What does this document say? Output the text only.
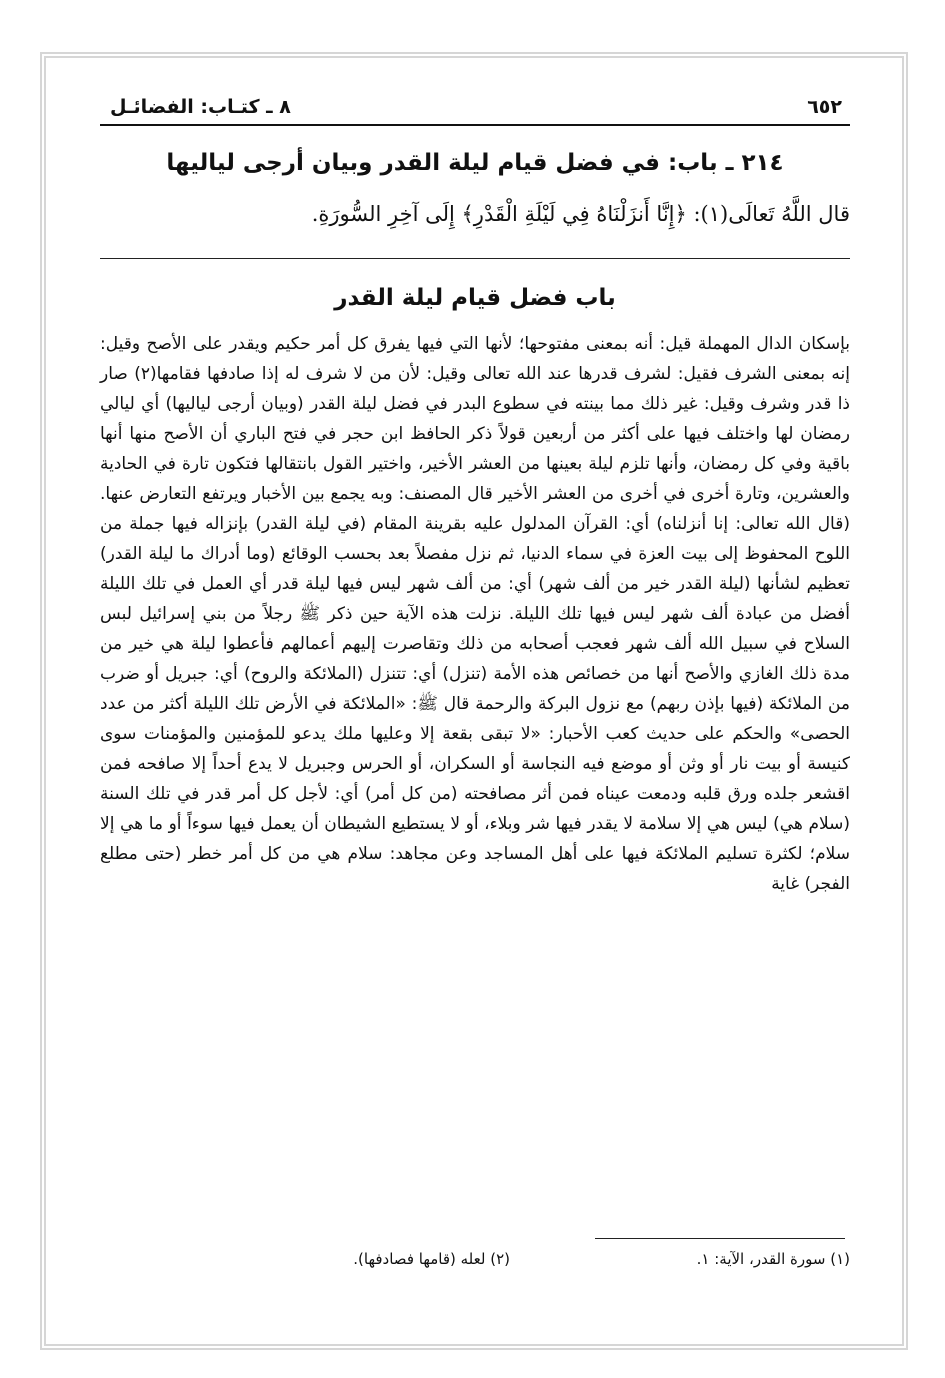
٦٥٢
٨ ـ كتـاب: الفضائـل
٢١٤ ـ باب: في فضل قيام ليلة القدر وبيان أرجى لياليها
قال اللَّهُ تَعالَى(١): ﴿إِنَّا أَنزَلْنَاهُ فِي لَيْلَةِ الْقَدْرِ﴾ إِلَى آخِرِ السُّورَةِ.
باب فضل قيام ليلة القدر
بإسكان الدال المهملة قيل: أنه بمعنى مفتوحها؛ لأنها التي فيها يفرق كل أمر حكيم ويقدر على الأصح وقيل: إنه بمعنى الشرف فقيل: لشرف قدرها عند الله تعالى وقيل: لأن من لا شرف له إذا صادفها فقامها(٢) صار ذا قدر وشرف وقيل: غير ذلك مما بينته في سطوع البدر في فضل ليلة القدر (وبيان أرجى لياليها) أي ليالي رمضان لها واختلف فيها على أكثر من أربعين قولاً ذكر الحافظ ابن حجر في فتح الباري أن الأصح منها أنها باقية وفي كل رمضان، وأنها تلزم ليلة بعينها من العشر الأخير، واختير القول بانتقالها فتكون تارة في الحادية والعشرين، وتارة أخرى في أخرى من العشر الأخير قال المصنف: وبه يجمع بين الأخبار ويرتفع التعارض عنها. (قال الله تعالى: إنا أنزلناه) أي: القرآن المدلول عليه بقرينة المقام (في ليلة القدر) بإنزاله فيها جملة من اللوح المحفوظ إلى بيت العزة في سماء الدنيا، ثم نزل مفصلاً بعد بحسب الوقائع (وما أدراك ما ليلة القدر) تعظيم لشأنها (ليلة القدر خير من ألف شهر) أي: من ألف شهر ليس فيها ليلة قدر أي العمل في تلك الليلة أفضل من عبادة ألف شهر ليس فيها تلك الليلة. نزلت هذه الآية حين ذكر ﷺ رجلاً من بني إسرائيل لبس السلاح في سبيل الله ألف شهر فعجب أصحابه من ذلك وتقاصرت إليهم أعمالهم فأعطوا ليلة هي خير من مدة ذلك الغازي والأصح أنها من خصائص هذه الأمة (تنزل) أي: تتنزل (الملائكة والروح) أي: جبريل أو ضرب من الملائكة (فيها بإذن ربهم) مع نزول البركة والرحمة قال ﷺ: «الملائكة في الأرض تلك الليلة أكثر من عدد الحصى» والحكم على حديث كعب الأحبار: «لا تبقى بقعة إلا وعليها ملك يدعو للمؤمنين والمؤمنات سوى كنيسة أو بيت نار أو وثن أو موضع فيه النجاسة أو السكران، أو الحرس وجبريل لا يدع أحداً إلا صافحه فمن اقشعر جلده ورق قلبه ودمعت عيناه فمن أثر مصافحته (من كل أمر) أي: لأجل كل أمر قدر في تلك السنة (سلام هي) ليس هي إلا سلامة لا يقدر فيها شر وبلاء، أو لا يستطيع الشيطان أن يعمل فيها سوءاً أو ما هي إلا سلام؛ لكثرة تسليم الملائكة فيها على أهل المساجد وعن مجاهد: سلام هي من كل أمر خطر (حتى مطلع الفجر) غاية
(١) سورة القدر، الآية: ١.
(٢) لعله (قامها فصادفها).
